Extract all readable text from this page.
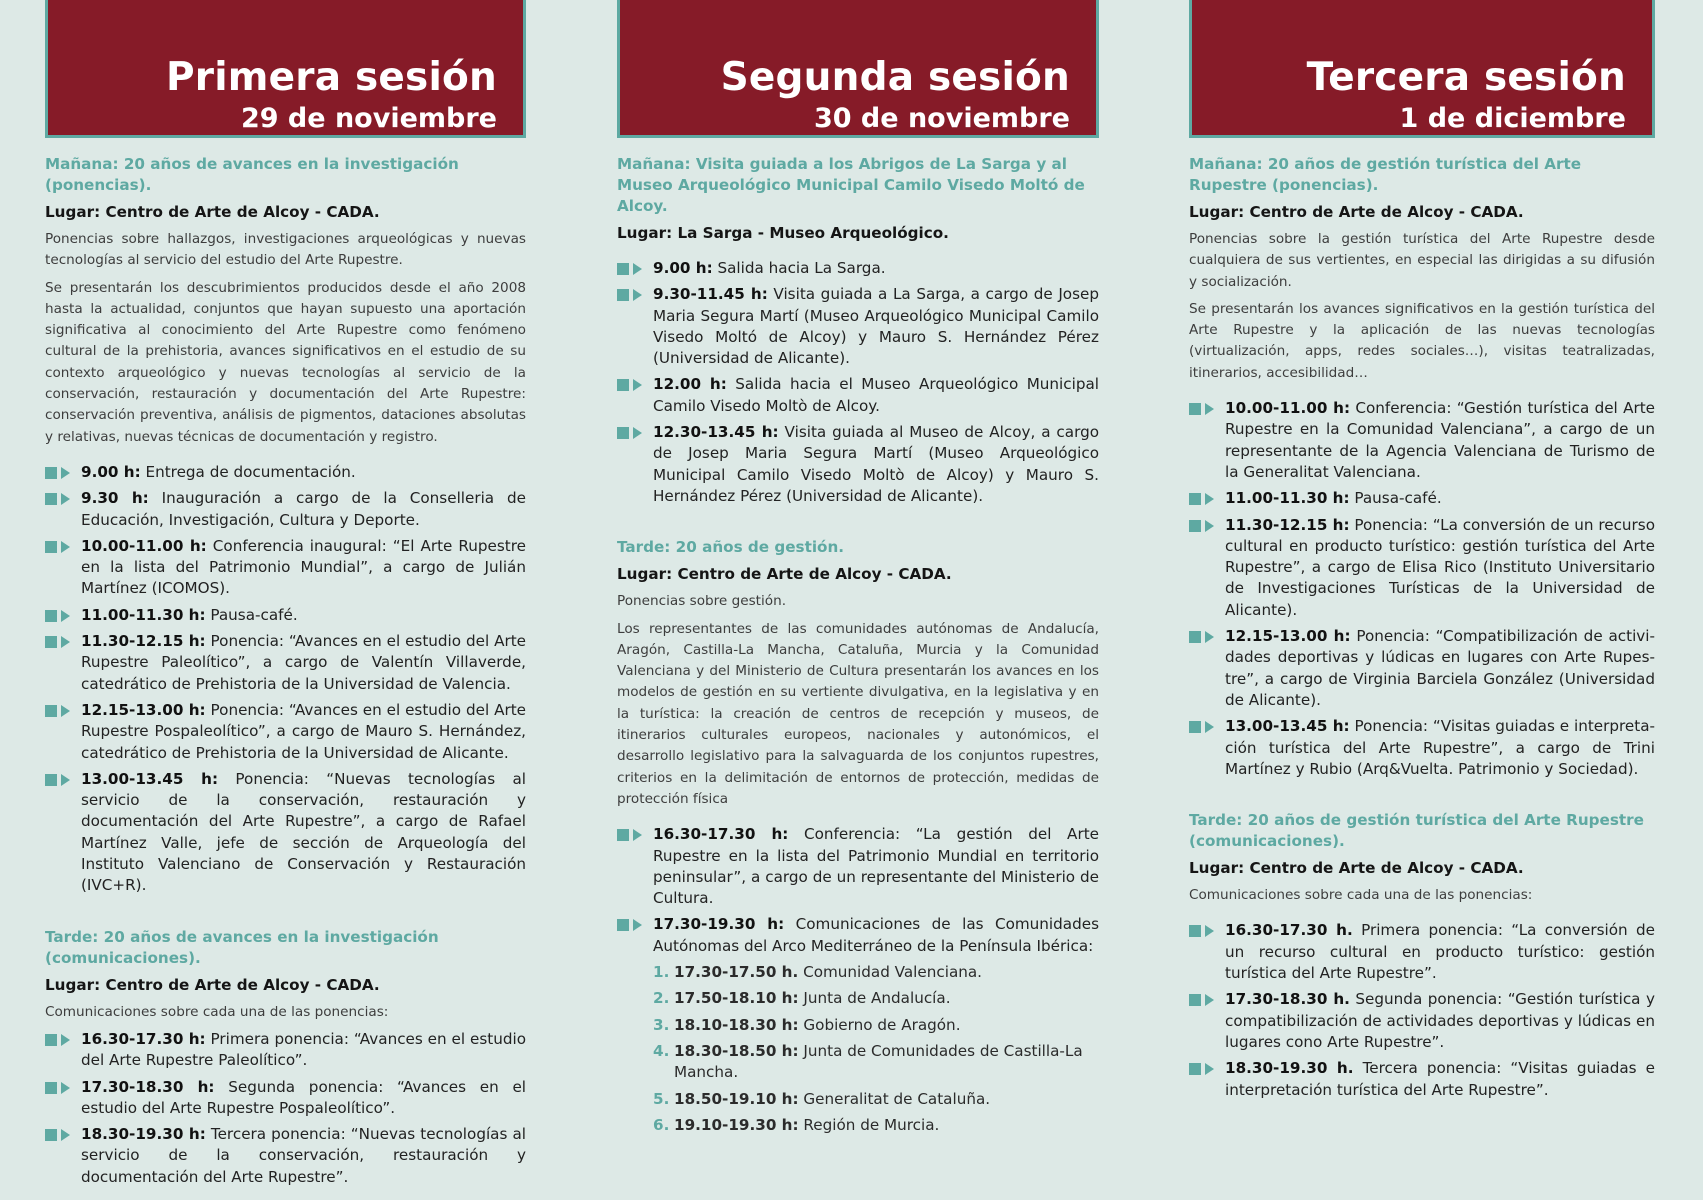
Primera sesión
29 de noviembre
Mañana: 20 años de avances en la investigación (ponencias).
Lugar: Centro de Arte de Alcoy - CADA.

Ponencias sobre hallazgos, investigaciones arqueológicas y nuevas tecnologías al servicio del estudio del Arte Rupestre.

Se presentarán los descubrimientos producidos desde el año 2008 hasta la actualidad, conjuntos que hayan supuesto una aportación significativa al conocimiento del Arte Rupestre como fenómeno cultural de la prehistoria, avances significativos en el estudio de su contexto arqueológico y nuevas tecnologías al servicio de la conservación, restauración y documentación del Arte Rupestre: conservación preventiva, análisis de pigmentos, dataciones absolutas y relativas, nuevas técnicas de documentación y registro.

9.00 h: Entrega de documentación.
9.30 h: Inauguración a cargo de la Conselleria de Educación, Investigación, Cultura y Deporte.
10.00-11.00 h: Conferencia inaugural: “El Arte Rupestre en la lista del Patrimonio Mundial”, a cargo de Julián Martínez (ICOMOS).
11.00-11.30 h: Pausa-café.
11.30-12.15 h: Ponencia: “Avances en el estudio del Arte Rupestre Paleolítico”, a cargo de Valentín Villaverde, catedrático de Prehistoria de la Universidad de Valencia.
12.15-13.00 h: Ponencia: “Avances en el estudio del Arte Rupestre Pospaleolítico”, a cargo de Mauro S. Hernández, catedrático de Prehistoria de la Universidad de Alicante.
13.00-13.45 h: Ponencia: “Nuevas tecnologías al servicio de la conservación, restauración y documentación del Arte Rupestre”, a cargo de Rafael Martínez Valle, jefe de sección de Arqueología del Instituto Valenciano de Conservación y Restauración (IVC+R).
Tarde: 20 años de avances en la investigación (comunicaciones).
Lugar: Centro de Arte de Alcoy - CADA.

Comunicaciones sobre cada una de las ponencias:

16.30-17.30 h: Primera ponencia: “Avances en el estudio del Arte Rupestre Paleolítico”.
17.30-18.30 h: Segunda ponencia: “Avances en el estudio del Arte Rupestre Pospaleolítico”.
18.30-19.30 h: Tercera ponencia: “Nuevas tecnologías al servicio de la conservación, restauración y documentación del Arte Rupestre”.
Segunda sesión
30 de noviembre
Mañana: Visita guiada a los Abrigos de La Sarga y al Museo Arqueológico Municipal Camilo Visedo Moltó de Alcoy.
Lugar: La Sarga - Museo Arqueológico.
9.00 h: Salida hacia La Sarga.
9.30-11.45 h: Visita guiada a La Sarga, a cargo de Josep Maria Segura Martí (Museo Arqueológico Municipal Camilo Visedo Moltó de Alcoy) y Mauro S. Hernández Pérez (Universidad de Alicante).
12.00 h: Salida hacia el Museo Arqueológico Municipal Camilo Visedo Moltò de Alcoy.
12.30-13.45 h: Visita guiada al Museo de Alcoy, a cargo de Josep Maria Segura Martí (Museo Arqueológico Municipal Camilo Visedo Moltò de Alcoy) y Mauro S. Hernández Pérez (Universidad de Alicante).
Tarde: 20 años de gestión.
Lugar: Centro de Arte de Alcoy - CADA.

Ponencias sobre gestión.

Los representantes de las comunidades autónomas de Andalucía, Aragón, Castilla-La Mancha, Cataluña, Murcia y la Comunidad Valenciana y del Ministerio de Cultura presentarán los avances en los modelos de gestión en su vertiente divulgativa, en la legislativa y en la turística: la creación de centros de recepción y museos, de itinerarios culturales europeos, nacionales y autonómicos, el desarrollo legislativo para la salvaguarda de los conjuntos rupestres, criterios en la delimitación de entornos de protección, medidas de protección física

16.30-17.30 h: Conferencia: “La gestión del Arte Rupestre en la lista del Patrimonio Mundial en territorio peninsular”, a cargo de un representante del Ministerio de Cultura.
17.30-19.30 h: Comunicaciones de las Comunidades Autónomas del Arco Mediterráneo de la Península Ibérica:
1. 17.30-17.50 h. Comunidad Valenciana.
2. 17.50-18.10 h: Junta de Andalucía.
3. 18.10-18.30 h: Gobierno de Aragón.
4. 18.30-18.50 h: Junta de Comunidades de Castilla-La Mancha.
5. 18.50-19.10 h: Generalitat de Cataluña.
6. 19.10-19.30 h: Región de Murcia.
Tercera sesión
1 de diciembre
Mañana: 20 años de gestión turística del Arte Rupestre (ponencias).
Lugar: Centro de Arte de Alcoy - CADA.

Ponencias sobre la gestión turística del Arte Rupestre desde cualquiera de sus vertientes, en especial las dirigidas a su difusión y socialización.

Se presentarán los avances significativos en la gestión turística del Arte Rupestre y la aplicación de las nuevas tecnologías (virtualización, apps, redes sociales…), visitas teatralizadas, itinerarios, accesibilidad…

10.00-11.00 h: Conferencia: “Gestión turística del Arte Rupestre en la Comunidad Valenciana”, a cargo de un representante de la Agencia Valenciana de Turismo de la Generalitat Valenciana.
11.00-11.30 h: Pausa-café.
11.30-12.15 h: Ponencia: “La conversión de un recurso cultural en producto turístico: gestión turística del Arte Rupestre”, a cargo de Elisa Rico (Instituto Universitario de Investigaciones Turísticas de la Universidad de Alicante).
12.15-13.00 h: Ponencia: “Compatibilización de activi-dades deportivas y lúdicas en lugares con Arte Rupes-tre”, a cargo de Virginia Barciela González (Universidad de Alicante).
13.00-13.45 h: Ponencia: “Visitas guiadas e interpreta-ción turística del Arte Rupestre”, a cargo de Trini Martínez y Rubio (Arq&Vuelta. Patrimonio y Sociedad).
Tarde: 20 años de gestión turística del Arte Rupestre (comunicaciones).
Lugar: Centro de Arte de Alcoy - CADA.

Comunicaciones sobre cada una de las ponencias:

16.30-17.30 h. Primera ponencia: “La conversión de un recurso cultural en producto turístico: gestión turística del Arte Rupestre”.
17.30-18.30 h. Segunda ponencia: “Gestión turística y compatibilización de actividades deportivas y lúdicas en lugares cono Arte Rupestre”.
18.30-19.30 h. Tercera ponencia: “Visitas guiadas e interpretación turística del Arte Rupestre”.
